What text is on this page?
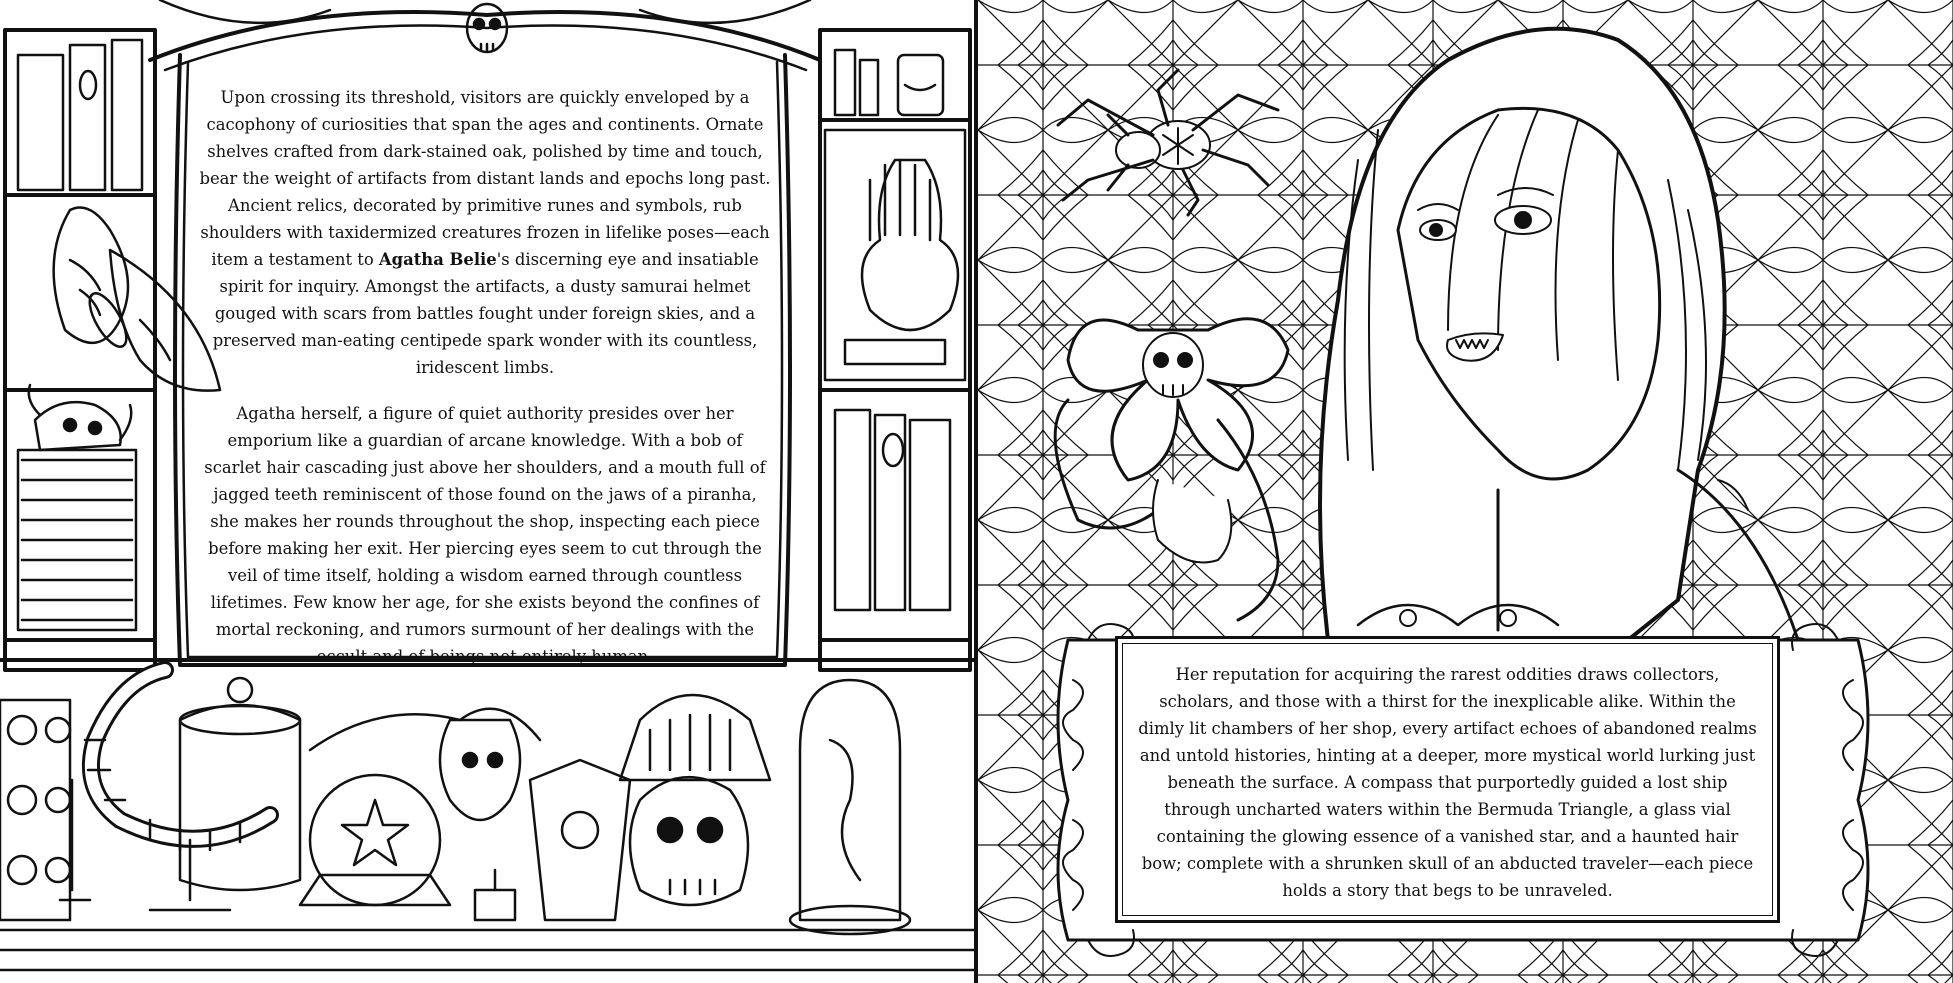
Upon crossing its threshold, visitors are quickly enveloped by a cacophony of curiosities that span the ages and continents. Ornate shelves crafted from dark-stained oak, polished by time and touch, bear the weight of artifacts from distant lands and epochs long past. Ancient relics, decorated by primitive runes and symbols, rub shoulders with taxidermized creatures frozen in lifelike poses—each item a testament to Agatha Belie's discerning eye and insatiable spirit for inquiry. Amongst the artifacts, a dusty samurai helmet gouged with scars from battles fought under foreign skies, and a preserved man-eating centipede spark wonder with its countless, iridescent limbs.

Agatha herself, a figure of quiet authority presides over her emporium like a guardian of arcane knowledge. With a bob of scarlet hair cascading just above her shoulders, and a mouth full of jagged teeth reminiscent of those found on the jaws of a piranha, she makes her rounds throughout the shop, inspecting each piece before making her exit. Her piercing eyes seem to cut through the veil of time itself, holding a wisdom earned through countless lifetimes. Few know her age, for she exists beyond the confines of mortal reckoning, and rumors surmount of her dealings with the occult and of beings not entirely human.

Her reputation for acquiring the rarest oddities draws collectors, scholars, and those with a thirst for the inexplicable alike. Within the dimly lit chambers of her shop, every artifact echoes of abandoned realms and untold histories, hinting at a deeper, more mystical world lurking just beneath the surface. A compass that purportedly guided a lost ship through uncharted waters within the Bermuda Triangle, a glass vial containing the glowing essence of a vanished star, and a haunted hair bow; complete with a shrunken skull of an abducted traveler—each piece holds a story that begs to be unraveled.
